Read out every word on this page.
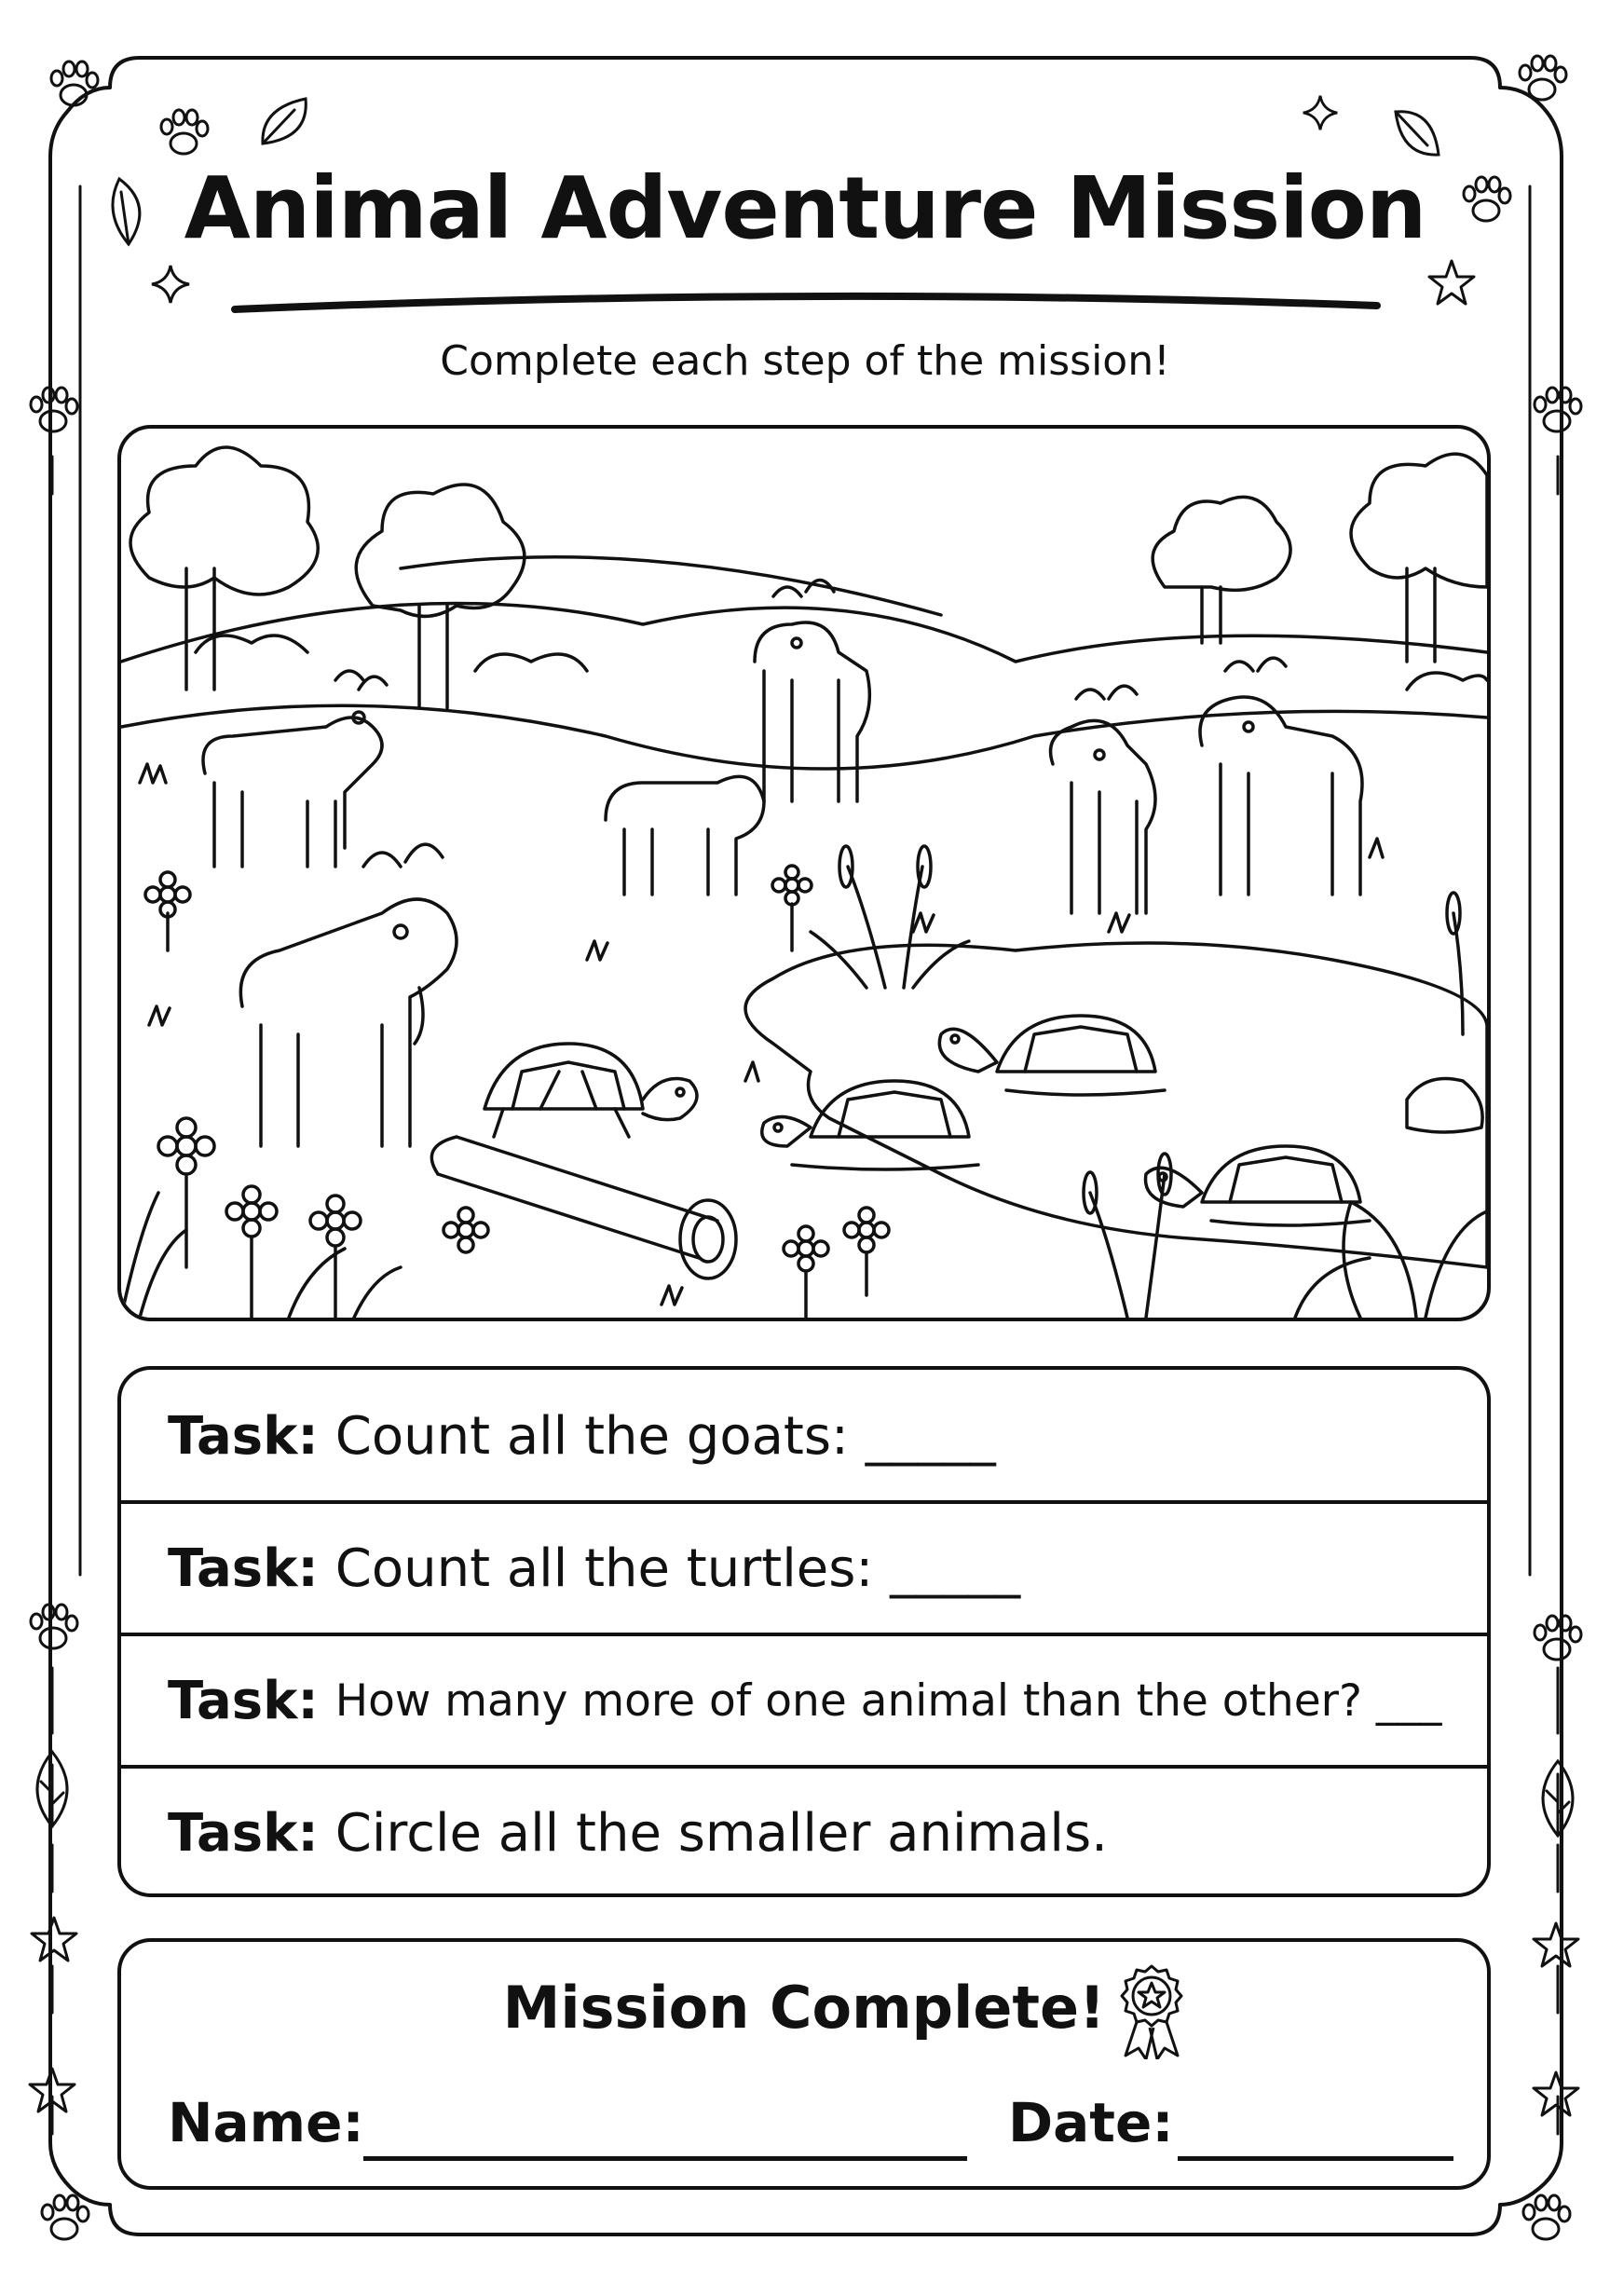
Animal Adventure Mission
Complete each step of the mission!
Task: Count all the goats: _____
Task: Count all the turtles: _____
Task: How many more of one animal than the other? ___
Task: Circle all the smaller animals.
Mission Complete!
Name:	Date:
